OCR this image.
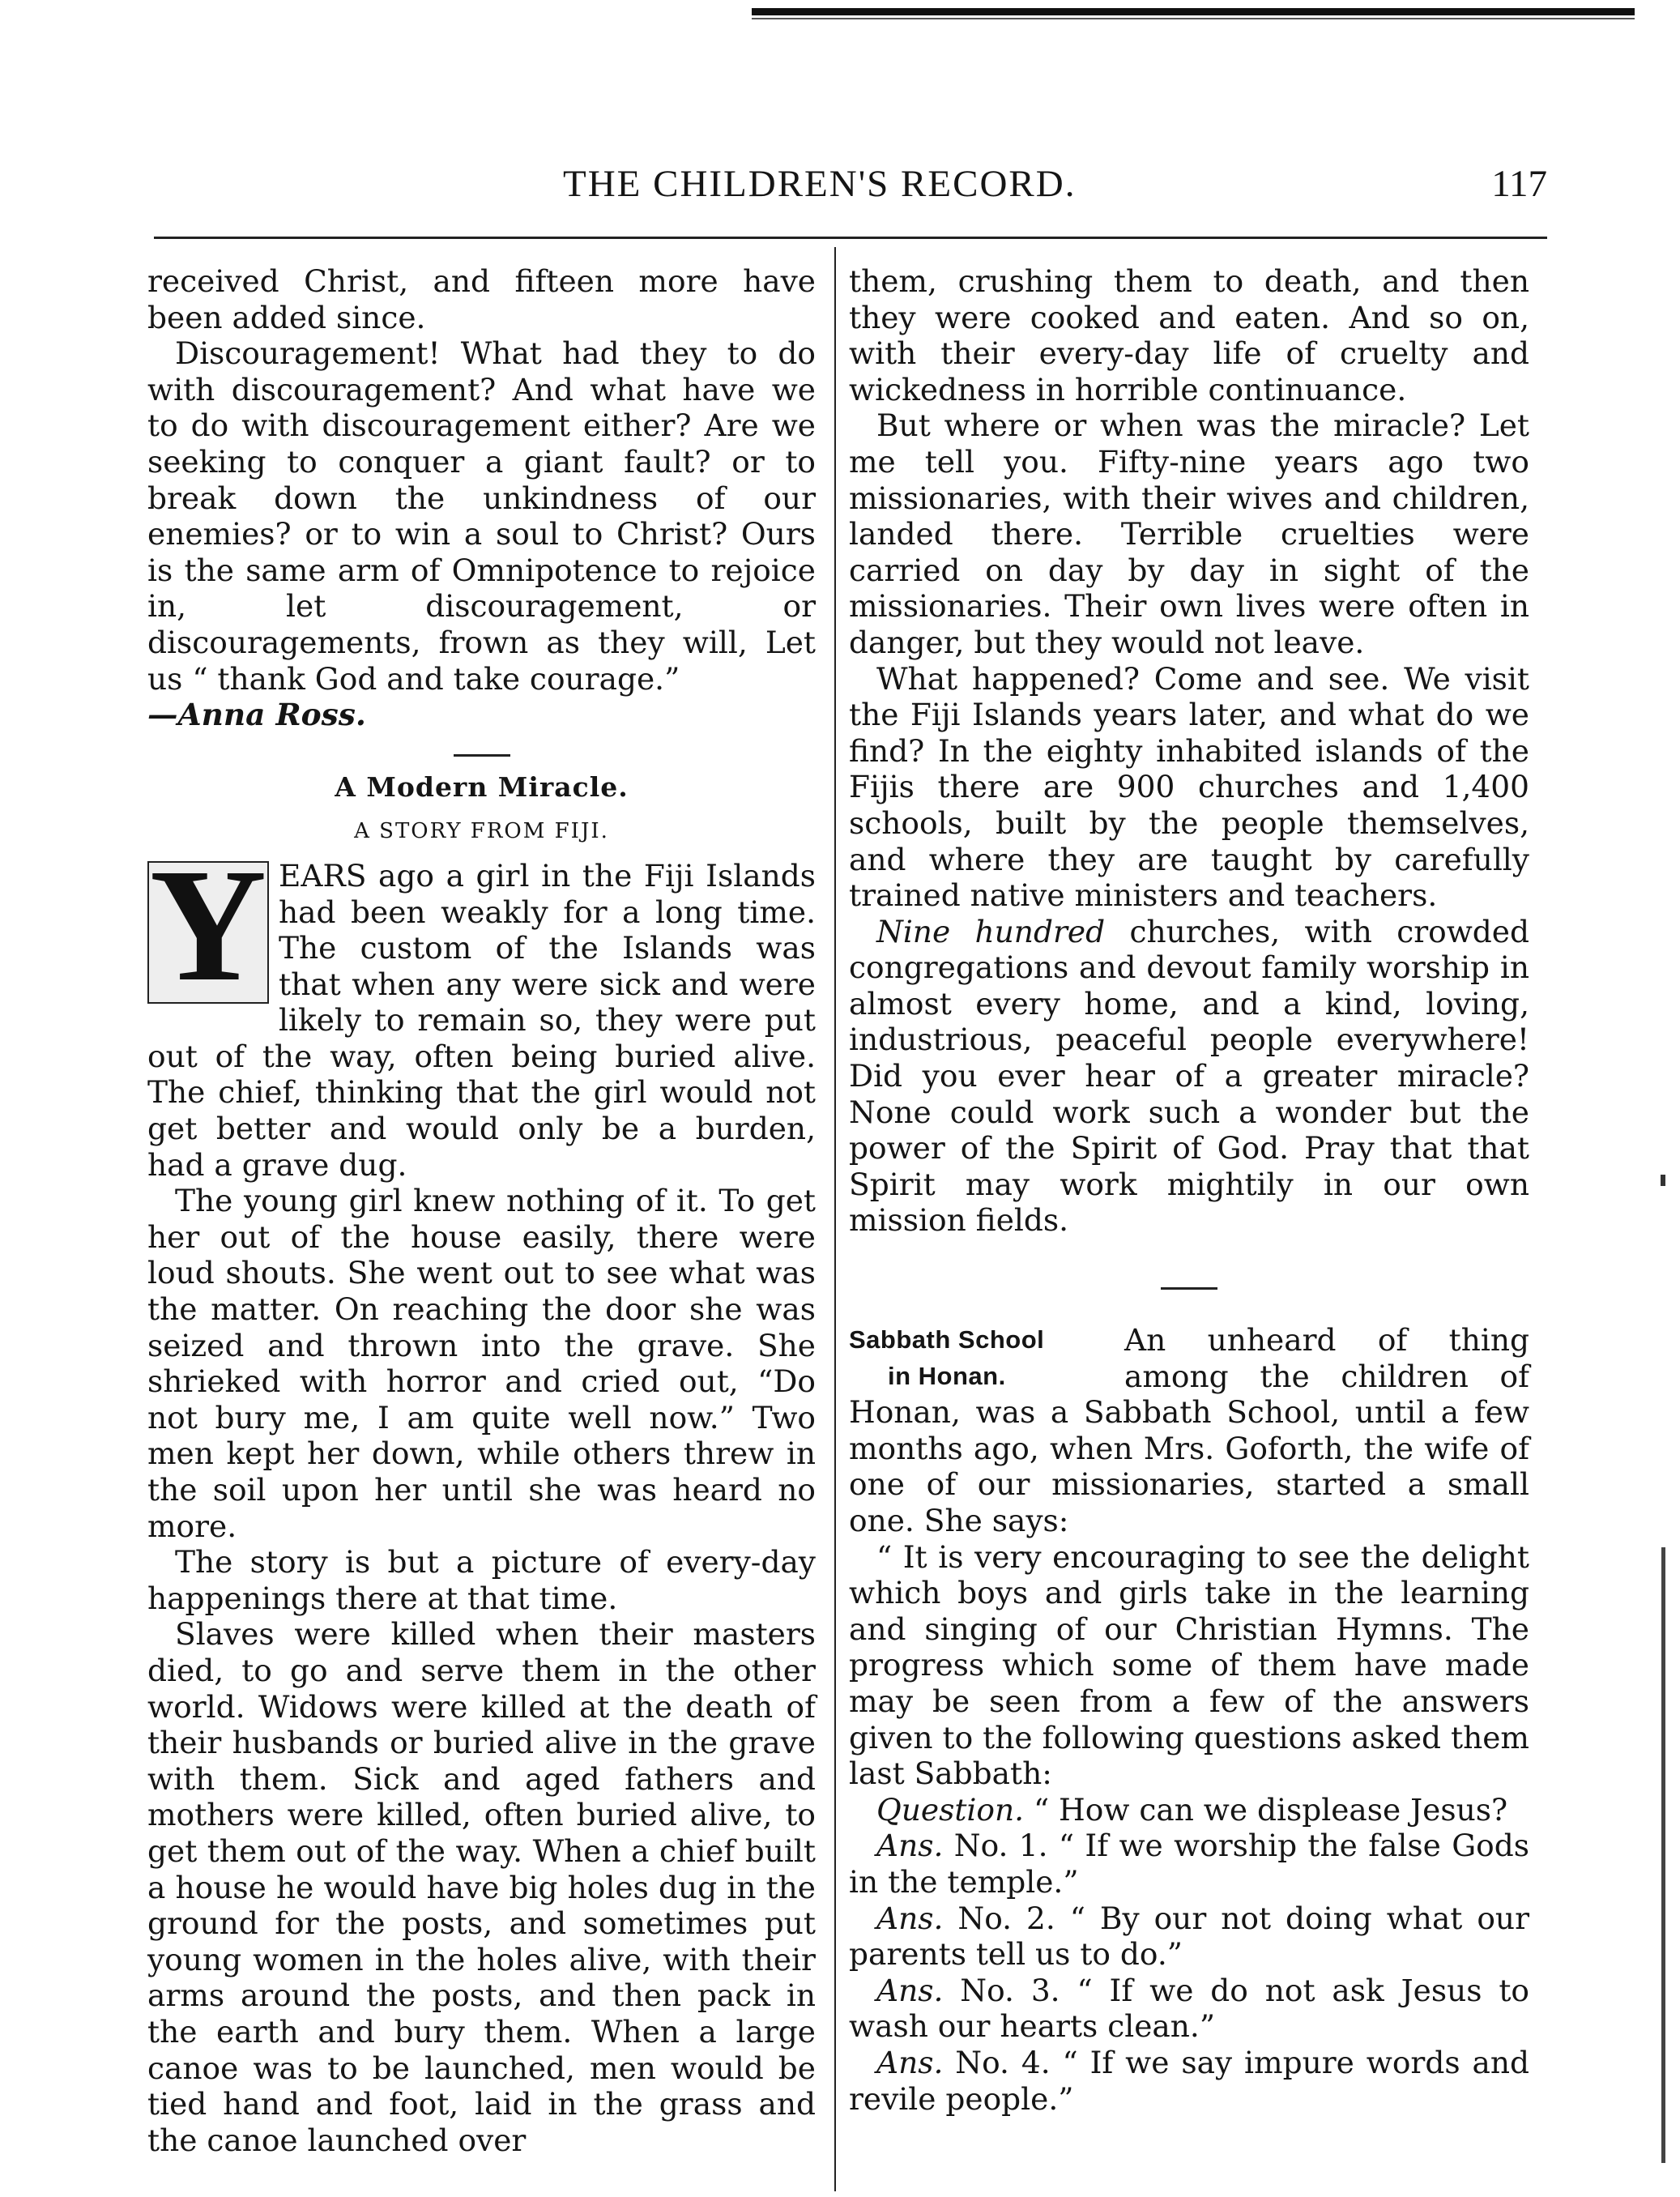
THE CHILDREN'S RECORD.	117

received Christ, and fifteen more have been added since.

Discouragement! What had they to do with discouragement? And what have we to do with discouragement either? Are we seeking to conquer a giant fault? or to break down the unkindness of our enemies? or to win a soul to Christ? Ours is the same arm of Omnipotence to rejoice in, let discouragement, or discouragements, frown as they will, Let us “ thank God and take courage.”

—Anna Ross.

A Modern Miracle.

A STORY FROM FIJI.

Y EARS ago a girl in the Fiji Islands had been weakly for a long time. The custom of the Islands was that when any were sick and were likely to remain so, they were put out of the way, often being buried alive. The chief, thinking that the girl would not get better and would only be a burden, had a grave dug.

The young girl knew nothing of it. To get her out of the house easily, there were loud shouts. She went out to see what was the matter. On reaching the door she was seized and thrown into the grave. She shrieked with horror and cried out, “Do not bury me, I am quite well now.” Two men kept her down, while others threw in the soil upon her until she was heard no more.

The story is but a picture of every-day happenings there at that time.

Slaves were killed when their masters died, to go and serve them in the other world. Widows were killed at the death of their husbands or buried alive in the grave with them. Sick and aged fathers and mothers were killed, often buried alive, to get them out of the way. When a chief built a house he would have big holes dug in the ground for the posts, and sometimes put young women in the holes alive, with their arms around the posts, and then pack in the earth and bury them. When a large canoe was to be launched, men would be tied hand and foot, laid in the grass and the canoe launched over

them, crushing them to death, and then they were cooked and eaten. And so on, with their every-day life of cruelty and wickedness in horrible continuance.

But where or when was the miracle? Let me tell you. Fifty-nine years ago two missionaries, with their wives and children, landed there. Terrible cruelties were carried on day by day in sight of the missionaries. Their own lives were often in danger, but they would not leave.

What happened? Come and see. We visit the Fiji Islands years later, and what do we find? In the eighty inhabited islands of the Fijis there are 900 churches and 1,400 schools, built by the people themselves, and where they are taught by carefully trained native ministers and teachers.

Nine hundred churches, with crowded congregations and devout family worship in almost every home, and a kind, loving, industrious, peaceful people everywhere! Did you ever hear of a greater miracle? None could work such a wonder but the power of the Spirit of God. Pray that that Spirit may work mightily in our own mission fields.

Sabbath School
in Honan.

An unheard of thing among the children of Honan, was a Sabbath School, until a few months ago, when Mrs. Goforth, the wife of one of our missionaries, started a small one. She says:

“ It is very encouraging to see the delight which boys and girls take in the learning and singing of our Christian Hymns. The progress which some of them have made may be seen from a few of the answers given to the following questions asked them last Sabbath:

Question. “ How can we displease Jesus?

Ans. No. 1. “ If we worship the false Gods in the temple.”

Ans. No. 2. “ By our not doing what our parents tell us to do.”

Ans. No. 3. “ If we do not ask Jesus to wash our hearts clean.”

Ans. No. 4. “ If we say impure words and revile people.”
